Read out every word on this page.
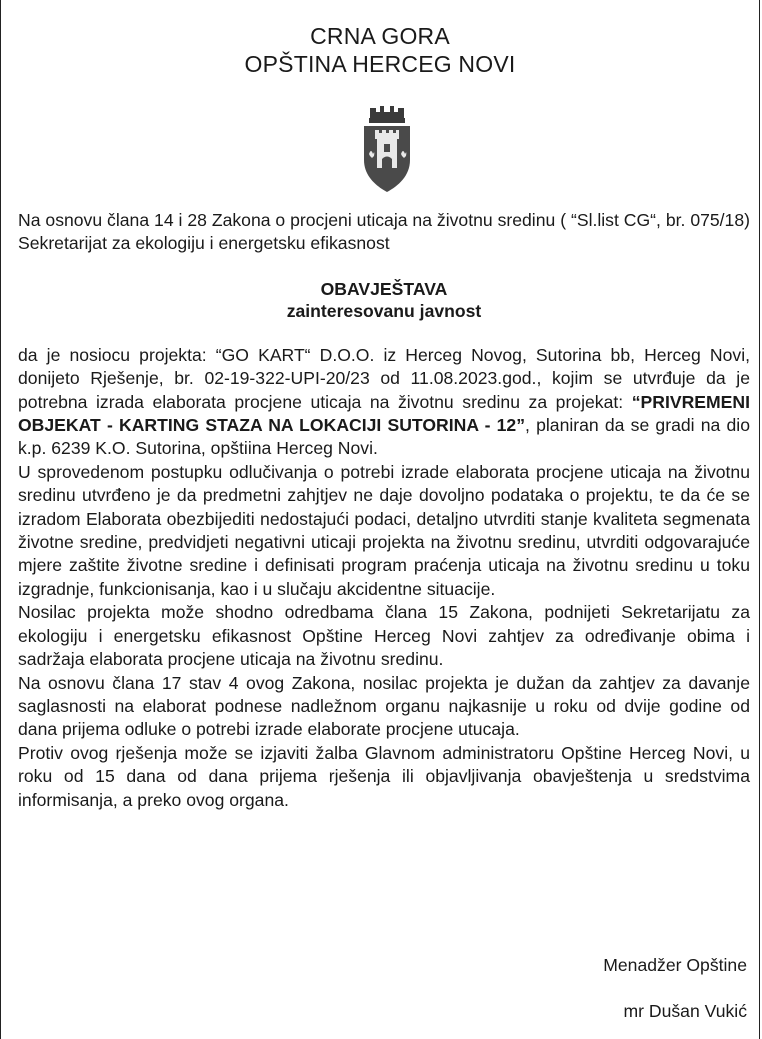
CRNA GORA
OPŠTINA HERCEG NOVI

Na osnovu člana 14 i 28 Zakona o procjeni uticaja na životnu sredinu ( “Sl.list CG“, br. 075/18) Sekretarijat za ekologiju i energetsku efikasnost

OBAVJEŠTAVA
zainteresovanu javnost

da je nosiocu projekta: “GO KART“ D.O.O. iz Herceg Novog, Sutorina bb, Herceg Novi, donijeto Rješenje, br. 02-19-322-UPI-20/23 od 11.08.2023.god., kojim se utvrđuje da je potrebna izrada elaborata procjene uticaja na životnu sredinu za projekat: “PRIVREMENI OBJEKAT - KARTING STAZA NA LOKACIJI SUTORINA - 12”, planiran da se gradi na dio k.p. 6239 K.O. Sutorina, opštiina Herceg Novi.

U sprovedenom postupku odlučivanja o potrebi izrade elaborata procjene uticaja na životnu sredinu utvrđeno je da predmetni zahjtjev ne daje dovoljno podataka o projektu, te da će se izradom Elaborata obezbijediti nedostajući podaci, detaljno utvrditi stanje kvaliteta segmenata životne sredine, predvidjeti negativni uticaji projekta na životnu sredinu, utvrditi odgovarajuće mjere zaštite životne sredine i definisati program praćenja uticaja na životnu sredinu u toku izgradnje, funkcionisanja, kao i u slučaju akcidentne situacije.

Nosilac projekta može shodno odredbama člana 15 Zakona, podnijeti Sekretarijatu za ekologiju i energetsku efikasnost Opštine Herceg Novi zahtjev za određivanje obima i sadržaja elaborata procjene uticaja na životnu sredinu.

Na osnovu člana 17 stav 4 ovog Zakona, nosilac projekta je dužan da zahtjev za davanje saglasnosti na elaborat podnese nadležnom organu najkasnije u roku od dvije godine od dana prijema odluke o potrebi izrade elaborate procjene utucaja.

Protiv ovog rješenja može se izjaviti žalba Glavnom administratoru Opštine Herceg Novi, u roku od 15 dana od dana prijema rješenja ili objavljivanja obavještenja u sredstvima informisanja, a preko ovog organa.

Menadžer Opštine
mr Dušan Vukić
